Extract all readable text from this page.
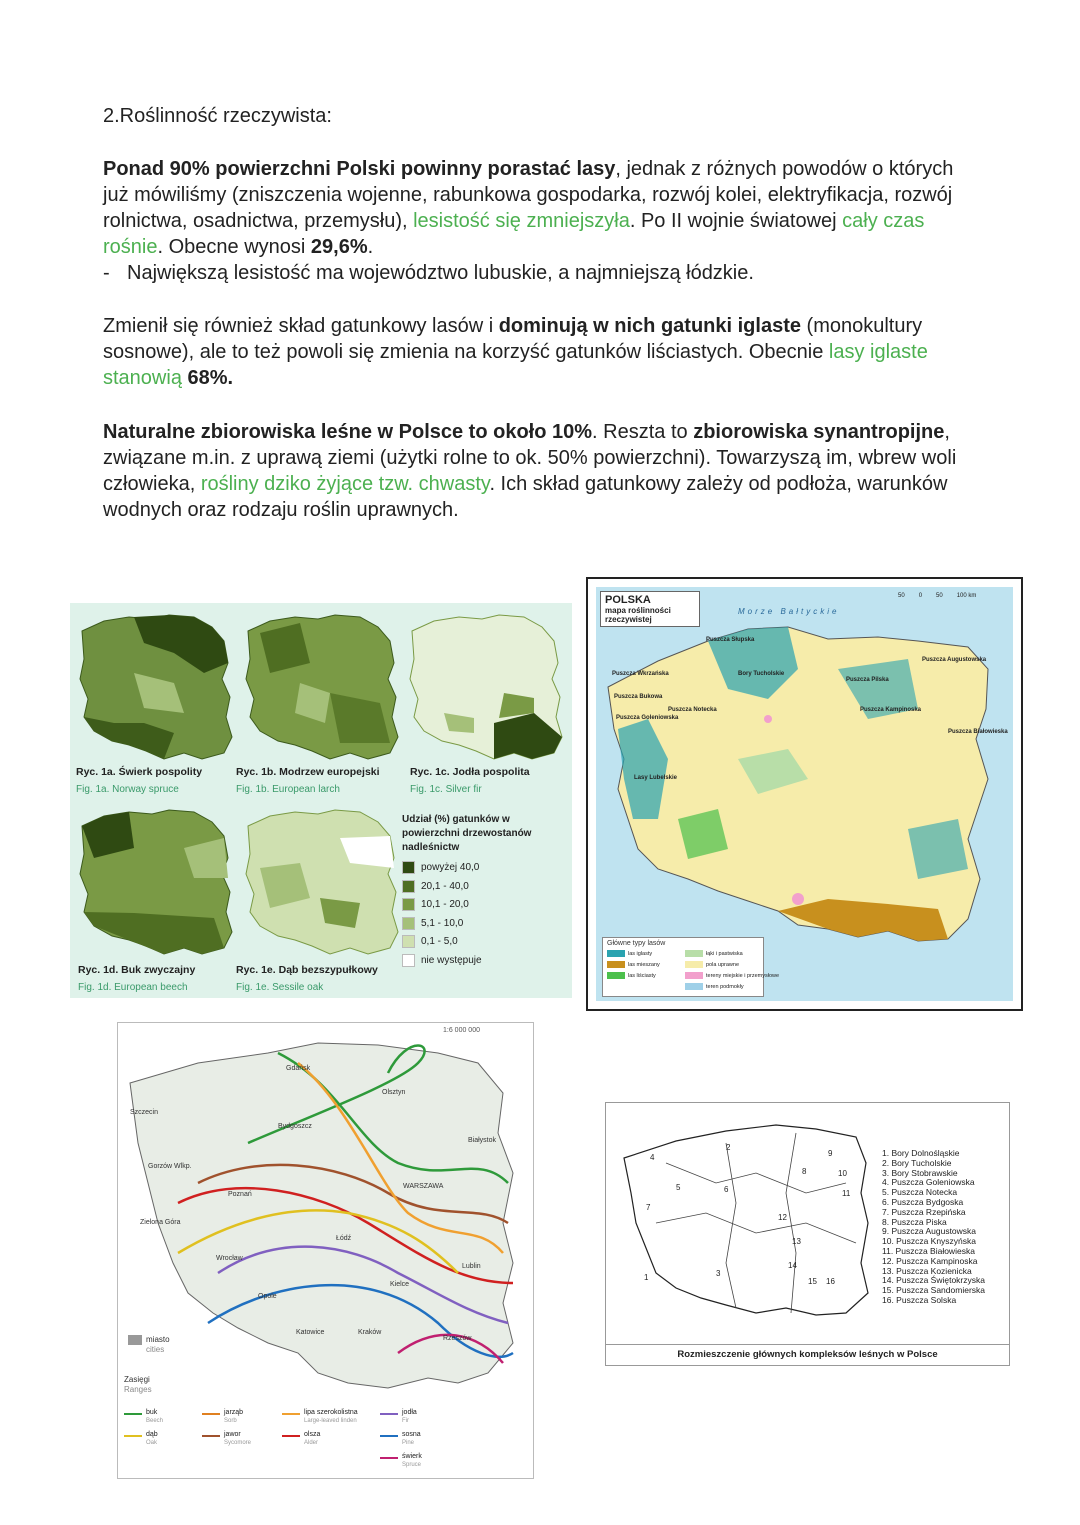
2.Roślinność rzeczywista:
Ponad 90% powierzchni Polski powinny porastać lasy, jednak z różnych powodów o których już mówiliśmy (zniszczenia wojenne, rabunkowa gospodarka, rozwój kolei, elektryfikacja, rozwój rolnictwa, osadnictwa, przemysłu), lesistość się zmniejszyła. Po II wojnie światowej cały czas rośnie. Obecne wynosi 29,6%.
- Największą lesistość ma województwo lubuskie, a najmniejszą łódzkie.
Zmienił się również skład gatunkowy lasów i dominują w nich gatunki iglaste (monokultury sosnowe), ale to też powoli się zmienia na korzyść gatunków liściastych. Obecnie lasy iglaste stanowią 68%.
Naturalne zbiorowiska leśne w Polsce to około 10%. Reszta to zbiorowiska synantropijne, związane m.in. z uprawą ziemi (użytki rolne to ok. 50% powierzchni). Towarzyszą im, wbrew woli człowieka, rośliny dziko żyjące tzw. chwasty. Ich skład gatunkowy zależy od podłoża, warunków wodnych oraz rodzaju roślin uprawnych.
Ryc. 1a. Świerk pospolity
Fig. 1a. Norway spruce
Ryc. 1b. Modrzew europejski
Fig. 1b. European larch
Ryc. 1c. Jodła pospolita
Fig. 1c. Silver fir
Ryc. 1d. Buk zwyczajny
Fig. 1d. European beech
Ryc. 1e. Dąb bezszypułkowy
Fig. 1e. Sessile oak
Udział (%) gatunków w powierzchni drzewostanów nadleśnictw
powyżej 40,0
20,1 - 40,0
10,1 - 20,0
5,1 - 10,0
0,1 - 5,0
nie występuje
POLSKA
mapa roślinności rzeczywistej
Morze Bałtyckie
50 0 50 100 km
Puszcza Wkrzańska
Puszcza Bukowa
Puszcza Goleniowska
Puszcza Słupska
Bory Tucholskie
Puszcza Notecka
Puszcza Pilska
Puszcza Augustowska
Puszcza Białowieska
Puszcza Kampinoska
Lasy Lubelskie
Główne typy lasów
las iglasty
las mieszany
las liściasty
łąki i pastwiska
pola uprawne
tereny miejskie i przemysłowe
teren podmokły
1:6 000 000
Gdańsk
Olsztyn
Szczecin
Bydgoszcz
Białystok
Gorzów Wlkp.
Poznań
WARSZAWA
Zielona Góra
Łódź
Wrocław
Lublin
Kielce
Opole
Katowice	Kraków
Rzeszów
miasto
cities
Zasięgi
Ranges
buk
Beech
dąb
Oak
jarząb
Sorb
jawor
Sycomore
lipa szerokolistna
Large-leaved linden
olsza
Alder
jodła
Fir
sosna
Pine
świerk
Spruce
1
2
3
4
5	6
7
8
9
10
11
12
13
14
15 16
1. Bory Dolnośląskie
2. Bory Tucholskie
3. Bory Stobrawskie
4. Puszcza Goleniowska
5. Puszcza Notecka
6. Puszcza Bydgoska
7. Puszcza Rzepińska
8. Puszcza Piska
9. Puszcza Augustowska
10. Puszcza Knyszyńska
11. Puszcza Białowieska
12. Puszcza Kampinoska
13. Puszcza Kozienicka
14. Puszcza Świętokrzyska
15. Puszcza Sandomierska
16. Puszcza Solska
Rozmieszczenie głównych kompleksów leśnych w Polsce
